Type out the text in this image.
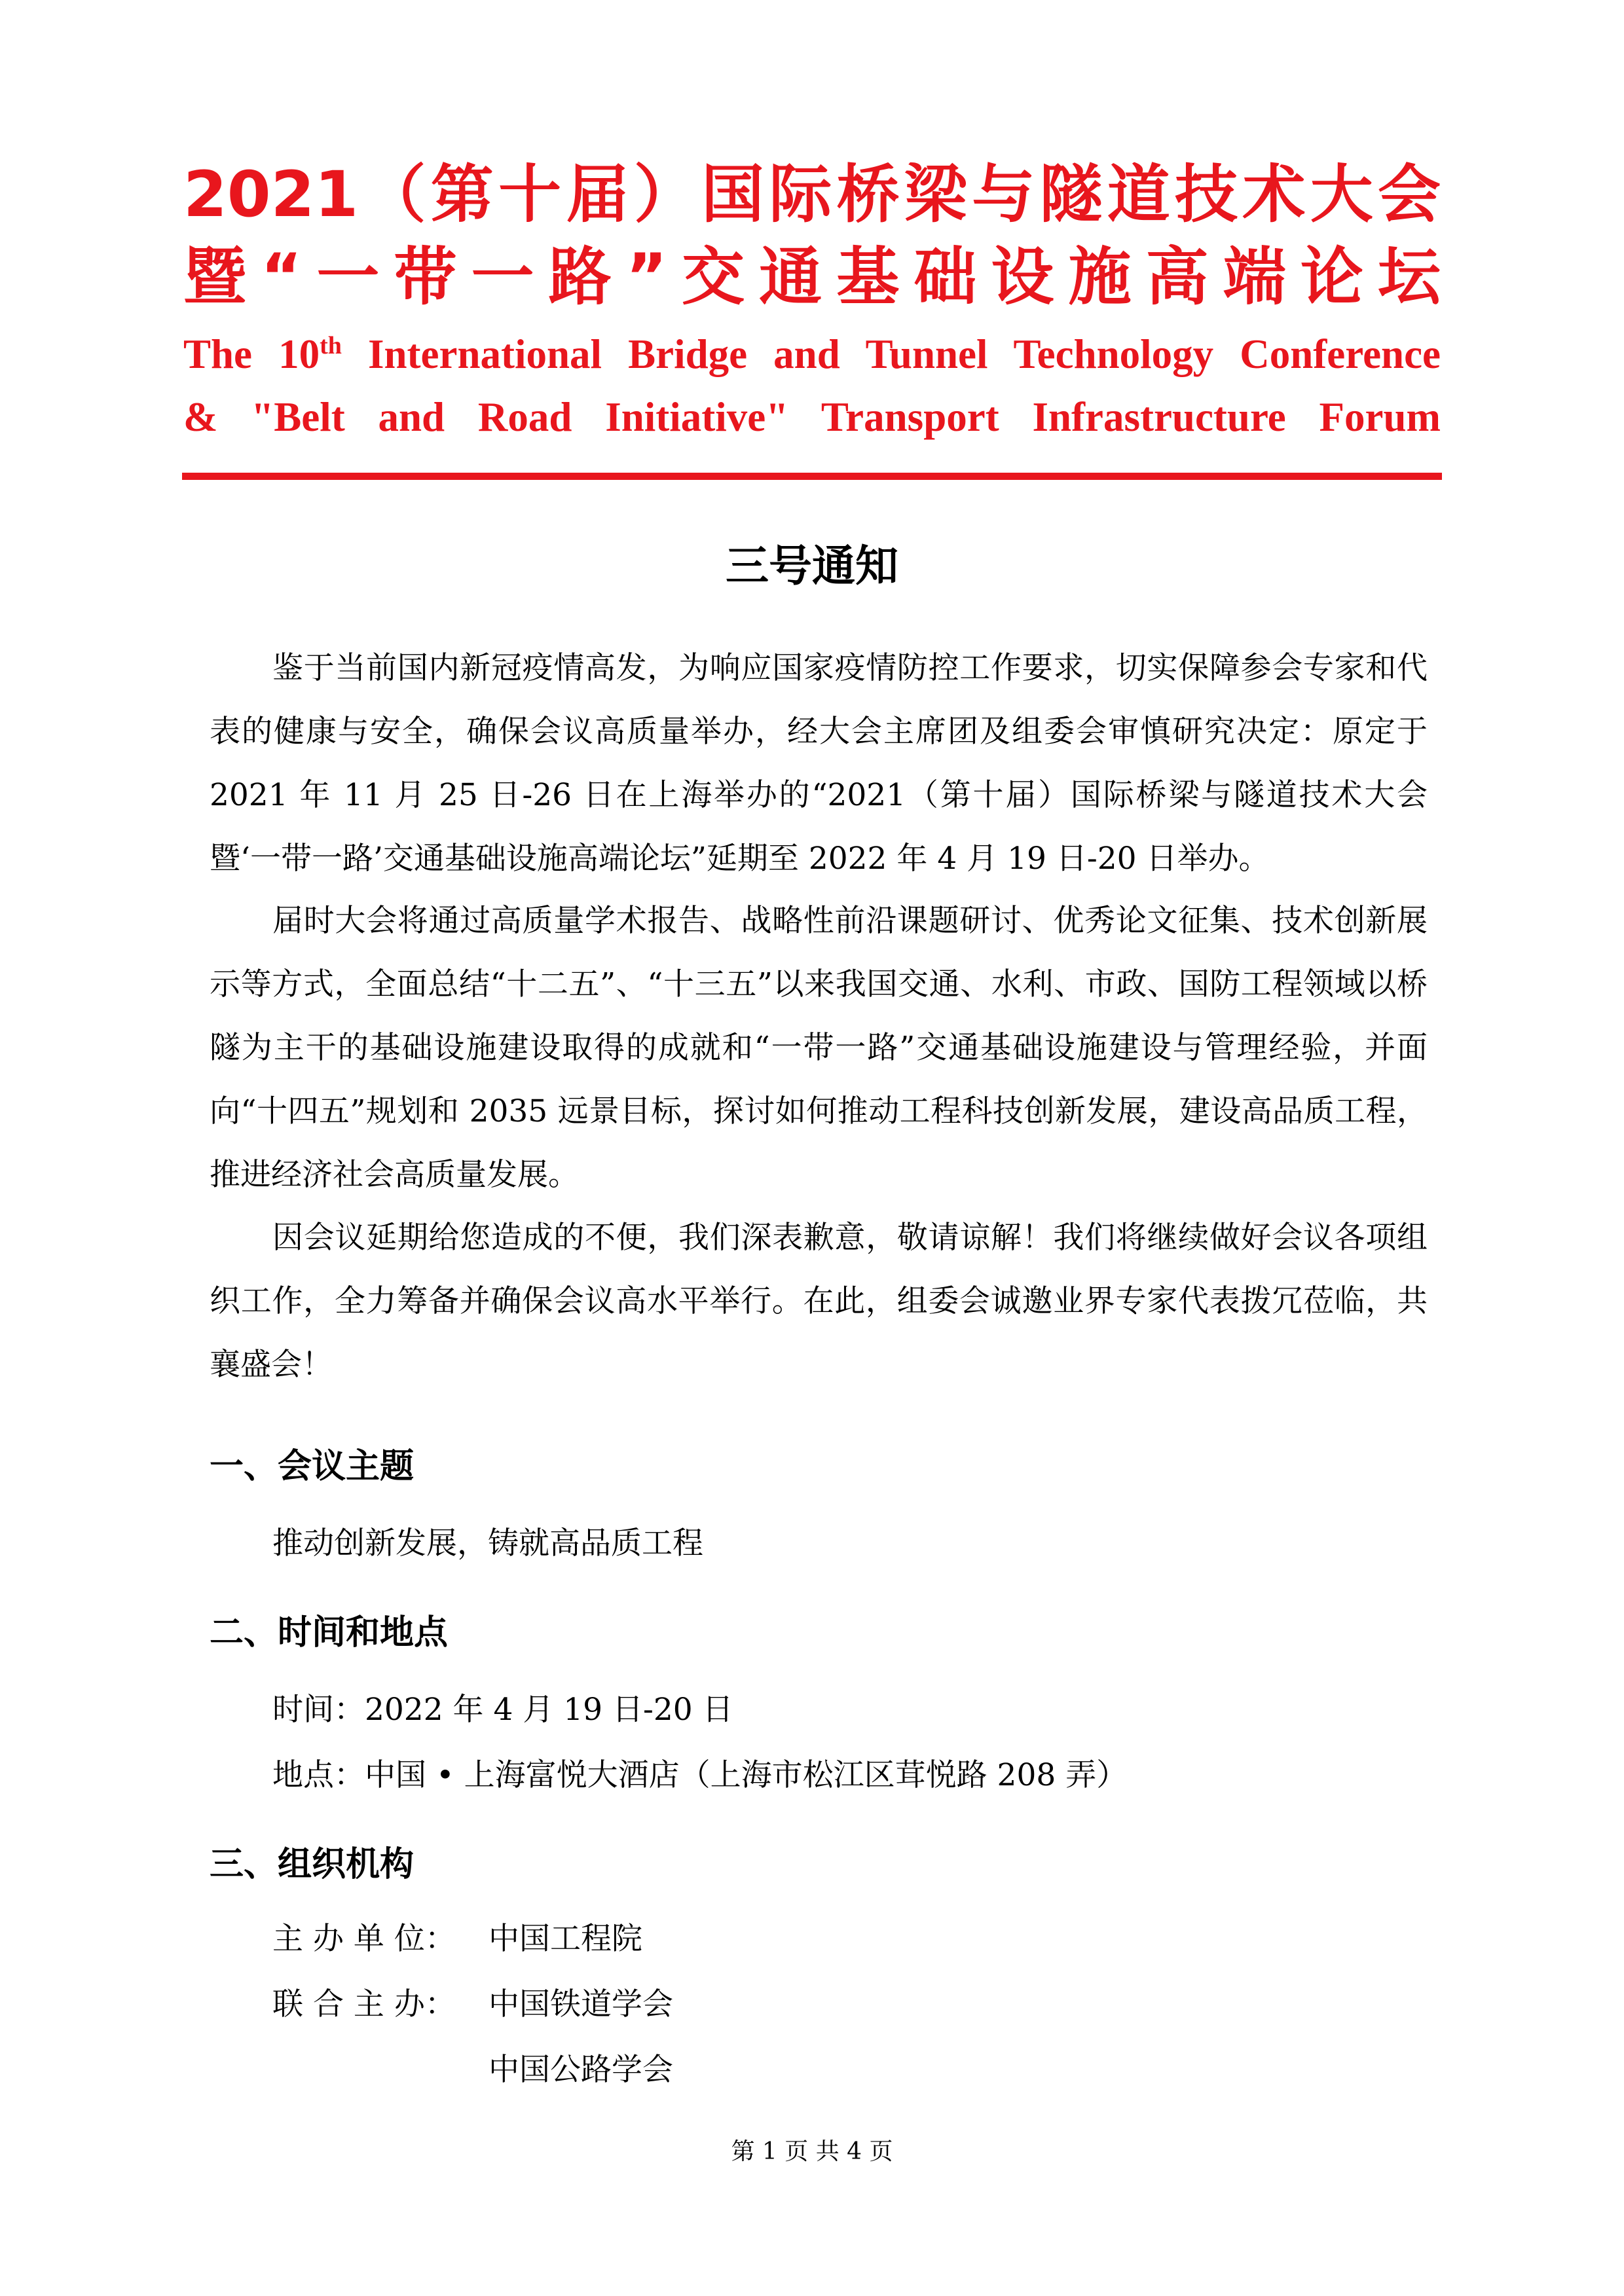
2021（第十届）国际桥梁与隧道技术大会
暨“一带一路”交通基础设施高端论坛
The 10th International Bridge and Tunnel Technology Conference
& "Belt and Road Initiative" Transport Infrastructure Forum
三号通知
鉴于当前国内新冠疫情高发，为响应国家疫情防控工作要求，切实保障参会专家和代表的健康与安全，确保会议高质量举办，经大会主席团及组委会审慎研究决定：原定于 2021 年 11 月 25 日-26 日在上海举办的“2021（第十届）国际桥梁与隧道技术大会暨‘一带一路’交通基础设施高端论坛”延期至 2022 年 4 月 19 日-20 日举办。
届时大会将通过高质量学术报告、战略性前沿课题研讨、优秀论文征集、技术创新展示等方式，全面总结“十二五”、“十三五”以来我国交通、水利、市政、国防工程领域以桥隧为主干的基础设施建设取得的成就和“一带一路”交通基础设施建设与管理经验，并面向“十四五”规划和 2035 远景目标，探讨如何推动工程科技创新发展，建设高品质工程，推进经济社会高质量发展。
因会议延期给您造成的不便，我们深表歉意，敬请谅解！我们将继续做好会议各项组织工作，全力筹备并确保会议高水平举行。在此，组委会诚邀业界专家代表拨冗莅临，共襄盛会！
一、会议主题
推动创新发展，铸就高品质工程
二、时间和地点
时间：2022 年 4 月 19 日-20 日
地点：中国 • 上海富悦大酒店（上海市松江区茸悦路 208 弄）
三、组织机构
主 办 单 位： 中国工程院
联 合 主 办： 中国铁道学会
中国公路学会
第 1 页 共 4 页
